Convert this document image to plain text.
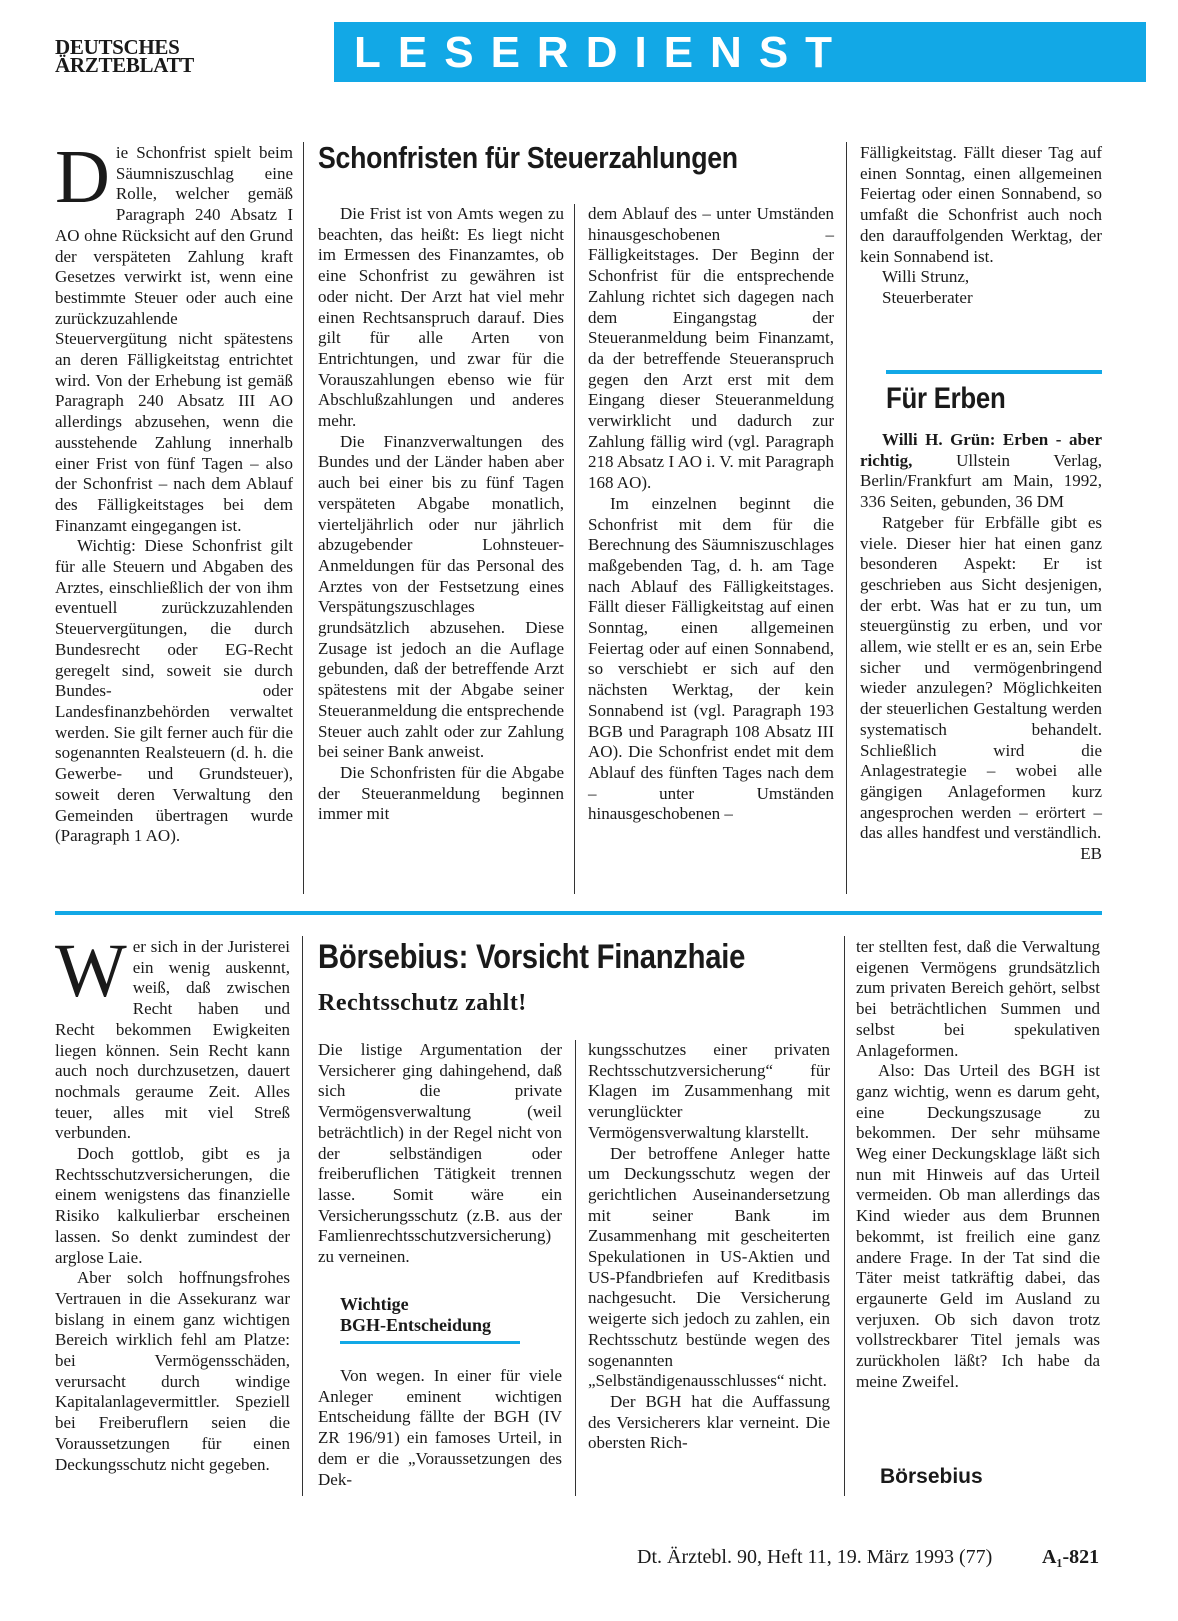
DEUTSCHES
ÄRZTEBLATT	LESERDIENST
D ie Schonfrist spielt beim Säumniszuschlag eine Rolle, welcher gemäß Paragraph 240 Absatz I AO ohne Rücksicht auf den Grund der verspäteten Zahlung kraft Gesetzes verwirkt ist, wenn eine bestimmte Steuer oder auch eine zurückzuzahlende Steuervergütung nicht spätestens an deren Fälligkeitstag entrichtet wird. Von der Erhebung ist gemäß Paragraph 240 Absatz III AO allerdings abzusehen, wenn die ausstehende Zahlung innerhalb einer Frist von fünf Tagen – also der Schonfrist – nach dem Ablauf des Fälligkeitstages bei dem Finanzamt eingegangen ist.

Wichtig: Diese Schonfrist gilt für alle Steuern und Abgaben des Arztes, einschließlich der von ihm eventuell zurückzuzahlenden Steuervergütungen, die durch Bundesrecht oder EG-Recht geregelt sind, soweit sie durch Bundes- oder Landesfinanzbehörden verwaltet werden. Sie gilt ferner auch für die sogenannten Realsteuern (d. h. die Gewerbe- und Grundsteuer), soweit deren Verwaltung den Gemeinden übertragen wurde (Paragraph 1 AO).

Schonfristen für Steuerzahlungen

Die Frist ist von Amts wegen zu beachten, das heißt: Es liegt nicht im Ermessen des Finanzamtes, ob eine Schonfrist zu gewähren ist oder nicht. Der Arzt hat viel mehr einen Rechtsanspruch darauf. Dies gilt für alle Arten von Entrichtungen, und zwar für die Vorauszahlungen ebenso wie für Abschlußzahlungen und anderes mehr.

Die Finanzverwaltungen des Bundes und der Länder haben aber auch bei einer bis zu fünf Tagen verspäteten Abgabe monatlich, vierteljährlich oder nur jährlich abzugebender Lohnsteuer-Anmeldungen für das Personal des Arztes von der Festsetzung eines Verspätungszuschlages grundsätzlich abzusehen. Diese Zusage ist jedoch an die Auflage gebunden, daß der betreffende Arzt spätestens mit der Abgabe seiner Steueranmeldung die entsprechende Steuer auch zahlt oder zur Zahlung bei seiner Bank anweist.

Die Schonfristen für die Abgabe der Steueranmeldung beginnen immer mit

dem Ablauf des – unter Umständen hinausgeschobenen – Fälligkeitstages. Der Beginn der Schonfrist für die entsprechende Zahlung richtet sich dagegen nach dem Eingangstag der Steueranmeldung beim Finanzamt, da der betreffende Steueranspruch gegen den Arzt erst mit dem Eingang dieser Steueranmeldung verwirklicht und dadurch zur Zahlung fällig wird (vgl. Paragraph 218 Absatz I AO i. V. mit Paragraph 168 AO).

Im einzelnen beginnt die Schonfrist mit dem für die Berechnung des Säumniszuschlages maßgebenden Tag, d. h. am Tage nach Ablauf des Fälligkeitstages. Fällt dieser Fälligkeitstag auf einen Sonntag, einen allgemeinen Feiertag oder auf einen Sonnabend, so verschiebt er sich auf den nächsten Werktag, der kein Sonnabend ist (vgl. Paragraph 193 BGB und Paragraph 108 Absatz III AO). Die Schonfrist endet mit dem Ablauf des fünften Tages nach dem – unter Umständen hinausgeschobenen –

Fälligkeitstag. Fällt dieser Tag auf einen Sonntag, einen allgemeinen Feiertag oder einen Sonnabend, so umfaßt die Schonfrist auch noch den darauffolgenden Werktag, der kein Sonnabend ist.

Willi Strunz,

Steuerberater

Für Erben

Willi H. Grün: Erben - aber richtig, Ullstein Verlag, Berlin/Frankfurt am Main, 1992, 336 Seiten, gebunden, 36 DM

Ratgeber für Erbfälle gibt es viele. Dieser hier hat einen ganz besonderen Aspekt: Er ist geschrieben aus Sicht desjenigen, der erbt. Was hat er zu tun, um steuergünstig zu erben, und vor allem, wie stellt er es an, sein Erbe sicher und vermögenbringend wieder anzulegen? Möglichkeiten der steuerlichen Gestaltung werden systematisch behandelt. Schließlich wird die Anlagestrategie – wobei alle gängigen Anlageformen kurz angesprochen werden – erörtert – das alles handfest und verständlich.

EB
W er sich in der Juristerei ein wenig auskennt, weiß, daß zwischen Recht haben und Recht bekommen Ewigkeiten liegen können. Sein Recht kann auch noch durchzusetzen, dauert nochmals geraume Zeit. Alles teuer, alles mit viel Streß verbunden.

Doch gottlob, gibt es ja Rechtsschutzversicherungen, die einem wenigstens das finanzielle Risiko kalkulierbar erscheinen lassen. So denkt zumindest der arglose Laie.

Aber solch hoffnungsfrohes Vertrauen in die Assekuranz war bislang in einem ganz wichtigen Bereich wirklich fehl am Platze: bei Vermögensschäden, verursacht durch windige Kapitalanlagevermittler. Speziell bei Freiberuflern seien die Voraussetzungen für einen Deckungsschutz nicht gegeben.

Börsebius: Vorsicht Finanzhaie
Rechtsschutz zahlt!

Die listige Argumentation der Versicherer ging dahingehend, daß sich die private Vermögensverwaltung (weil beträchtlich) in der Regel nicht von der selbständigen oder freiberuflichen Tätigkeit trennen lasse. Somit wäre ein Versicherungsschutz (z.B. aus der Famlienrechtsschutzversicherung) zu verneinen.

Wichtige
BGH-Entscheidung

Von wegen. In einer für viele Anleger eminent wichtigen Entscheidung fällte der BGH (IV ZR 196/91) ein famoses Urteil, in dem er die „Voraussetzungen des Dek-

kungsschutzes einer privaten Rechtsschutzversicherung“ für Klagen im Zusammenhang mit verunglückter Vermögensverwaltung klarstellt.

Der betroffene Anleger hatte um Deckungsschutz wegen der gerichtlichen Auseinandersetzung mit seiner Bank im Zusammenhang mit gescheiterten Spekulationen in US-Aktien und US-Pfandbriefen auf Kreditbasis nachgesucht. Die Versicherung weigerte sich jedoch zu zahlen, ein Rechtsschutz bestünde wegen des sogenannten „Selbständigenausschlusses“ nicht.

Der BGH hat die Auffassung des Versicherers klar verneint. Die obersten Rich-

ter stellten fest, daß die Verwaltung eigenen Vermögens grundsätzlich zum privaten Bereich gehört, selbst bei beträchtlichen Summen und selbst bei spekulativen Anlageformen.

Also: Das Urteil des BGH ist ganz wichtig, wenn es darum geht, eine Deckungszusage zu bekommen. Der sehr mühsame Weg einer Deckungsklage läßt sich nun mit Hinweis auf das Urteil vermeiden. Ob man allerdings das Kind wieder aus dem Brunnen bekommt, ist freilich eine ganz andere Frage. In der Tat sind die Täter meist tatkräftig dabei, das ergaunerte Geld im Ausland zu verjuxen. Ob sich davon trotz vollstreckbarer Titel jemals was zurückholen läßt? Ich habe da meine Zweifel.

Börsebius
Dt. Ärztebl. 90, Heft 11, 19. März 1993 (77) A₁-821
